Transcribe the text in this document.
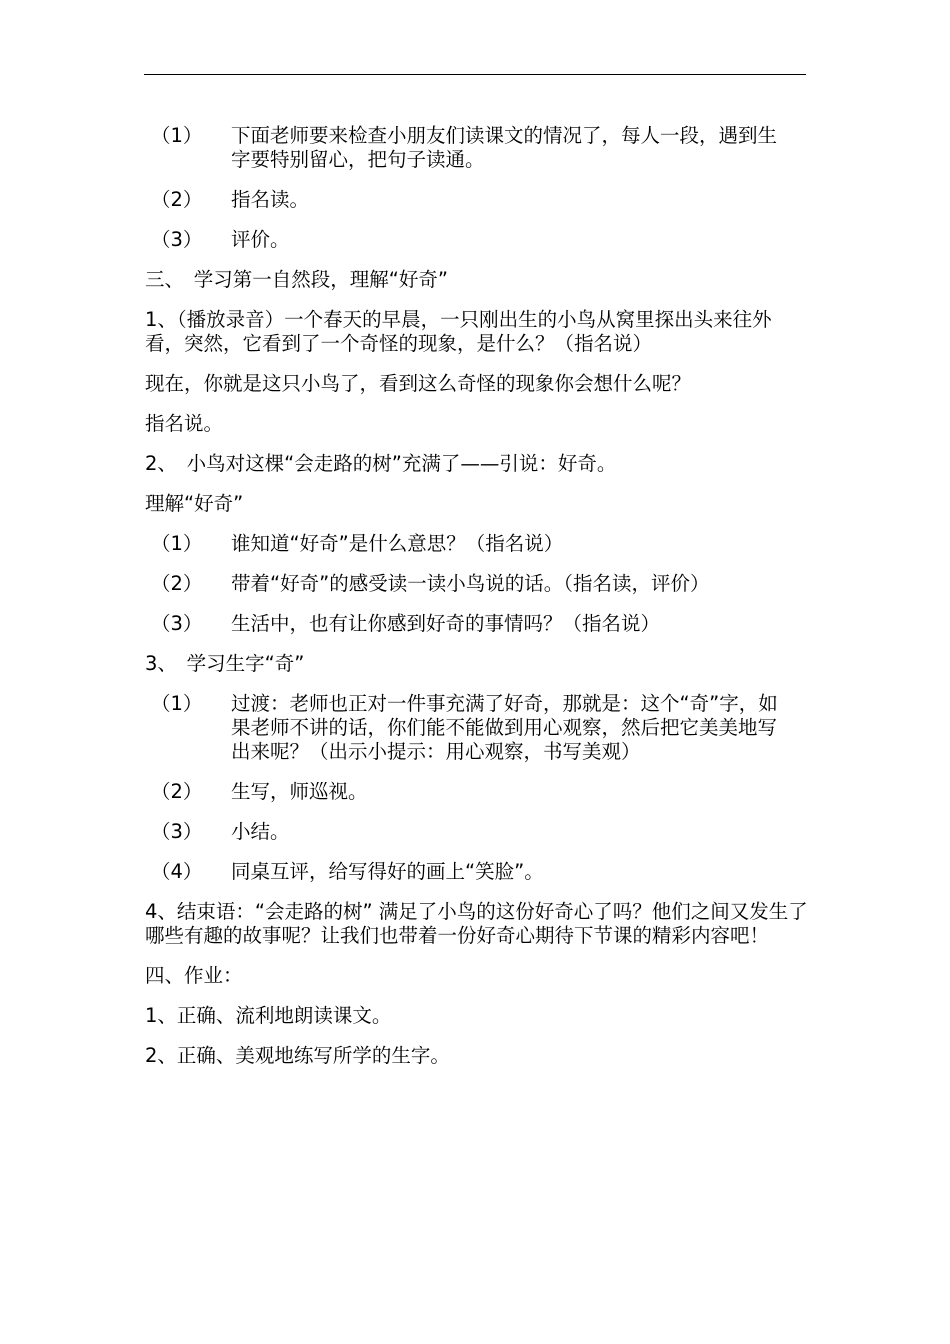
（1）	下面老师要来检查小朋友们读课文的情况了，每人一段，遇到生字要特别留心，把句子读通。
（2）	指名读。
（3）	评价。

三、　学习第一自然段，理解“好奇”

1、（播放录音）一个春天的早晨，一只刚出生的小鸟从窝里探出头来往外看，突然，它看到了一个奇怪的现象，是什么？（指名说）

现在，你就是这只小鸟了，看到这么奇怪的现象你会想什么呢？

指名说。

2、　小鸟对这棵“会走路的树”充满了——引说：好奇。

理解“好奇”

（1）	谁知道“好奇”是什么意思？（指名说）
（2）	带着“好奇”的感受读一读小鸟说的话。（指名读，评价）
（3）	生活中，也有让你感到好奇的事情吗？（指名说）

3、　学习生字“奇”

（1）	过渡：老师也正对一件事充满了好奇，那就是：这个“奇”字，如果老师不讲的话，你们能不能做到用心观察，然后把它美美地写出来呢？（出示小提示：用心观察，书写美观）
（2）	生写，师巡视。
（3）	小结。
（4）	同桌互评，给写得好的画上“笑脸”。

4、结束语：“会走路的树” 满足了小鸟的这份好奇心了吗？他们之间又发生了哪些有趣的故事呢？让我们也带着一份好奇心期待下节课的精彩内容吧！

四、作业：

1、正确、流利地朗读课文。

2、正确、美观地练写所学的生字。
